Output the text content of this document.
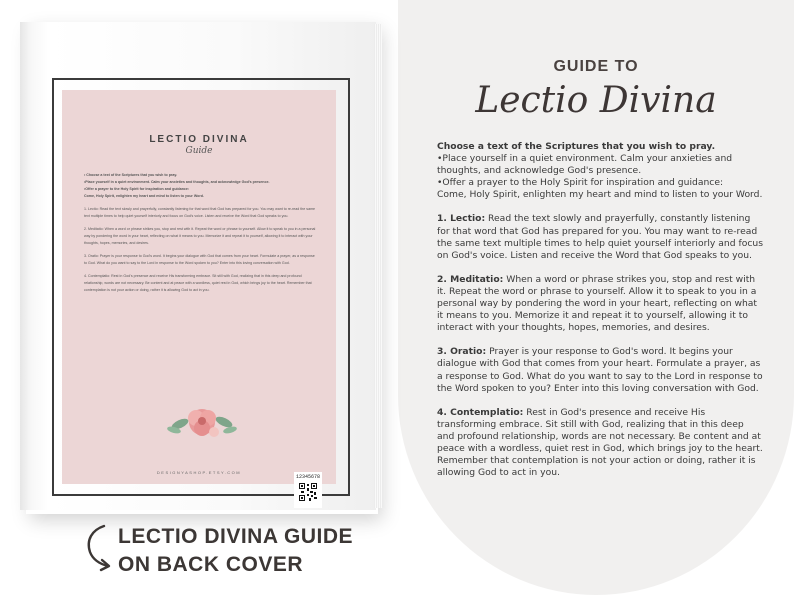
LECTIO DIVINA
Guide

• Choose a text of the Scriptures that you wish to pray.
•Place yourself in a quiet environment. Calm your anxieties and thoughts, and acknowledge God's presence.
•Offer a prayer to the Holy Spirit for inspiration and guidance:
Come, Holy Spirit, enlighten my heart and mind to listen to your Word.

1. Lectio: Read the text slowly and prayerfully, constantly listening for that word that God has prepared for you. You may want to re-read the same text multiple times to help quiet yourself interiorly and focus on God's voice. Listen and receive the Word that God speaks to you.

2. Meditatio: When a word or phrase strikes you, stop and rest with it. Repeat the word or phrase to yourself. Allow it to speak to you in a personal way by pondering the word in your heart, reflecting on what it means to you. Memorize it and repeat it to yourself, allowing it to interact with your thoughts, hopes, memories, and desires.

3. Oratio: Prayer is your response to God's word. It begins your dialogue with God that comes from your heart. Formulate a prayer, as a response to God. What do you want to say to the Lord in response to the Word spoken to you? Enter into this loving conversation with God.

4. Contemplatio: Rest in God's presence and receive His transforming embrace. Sit still with God, realizing that in this deep and profound relationship, words are not necessary. Be content and at peace with a wordless, quiet rest in God, which brings joy to the heart. Remember that contemplation is not your action or doing, rather it is allowing God to act in you.

DESIGNYASHOP.ETSY.COM
12345678
LECTIO DIVINA GUIDE
ON BACK COVER
GUIDE TO
Lectio Divina

Choose a text of the Scriptures that you wish to pray.
•Place yourself in a quiet environment. Calm your anxieties and thoughts, and acknowledge God's presence.
•Offer a prayer to the Holy Spirit for inspiration and guidance:
Come, Holy Spirit, enlighten my heart and mind to listen to your Word.

1. Lectio: Read the text slowly and prayerfully, constantly listening for that word that God has prepared for you. You may want to re-read the same text multiple times to help quiet yourself interiorly and focus on God's voice. Listen and receive the Word that God speaks to you.

2. Meditatio: When a word or phrase strikes you, stop and rest with it. Repeat the word or phrase to yourself. Allow it to speak to you in a personal way by pondering the word in your heart, reflecting on what it means to you. Memorize it and repeat it to yourself, allowing it to interact with your thoughts, hopes, memories, and desires.

3. Oratio: Prayer is your response to God's word. It begins your dialogue with God that comes from your heart. Formulate a prayer, as a response to God. What do you want to say to the Lord in response to the Word spoken to you? Enter into this loving conversation with God.

4. Contemplatio: Rest in God's presence and receive His transforming embrace. Sit still with God, realizing that in this deep and profound relationship, words are not necessary. Be content and at peace with a wordless, quiet rest in God, which brings joy to the heart. Remember that contemplation is not your action or doing, rather it is allowing God to act in you.
